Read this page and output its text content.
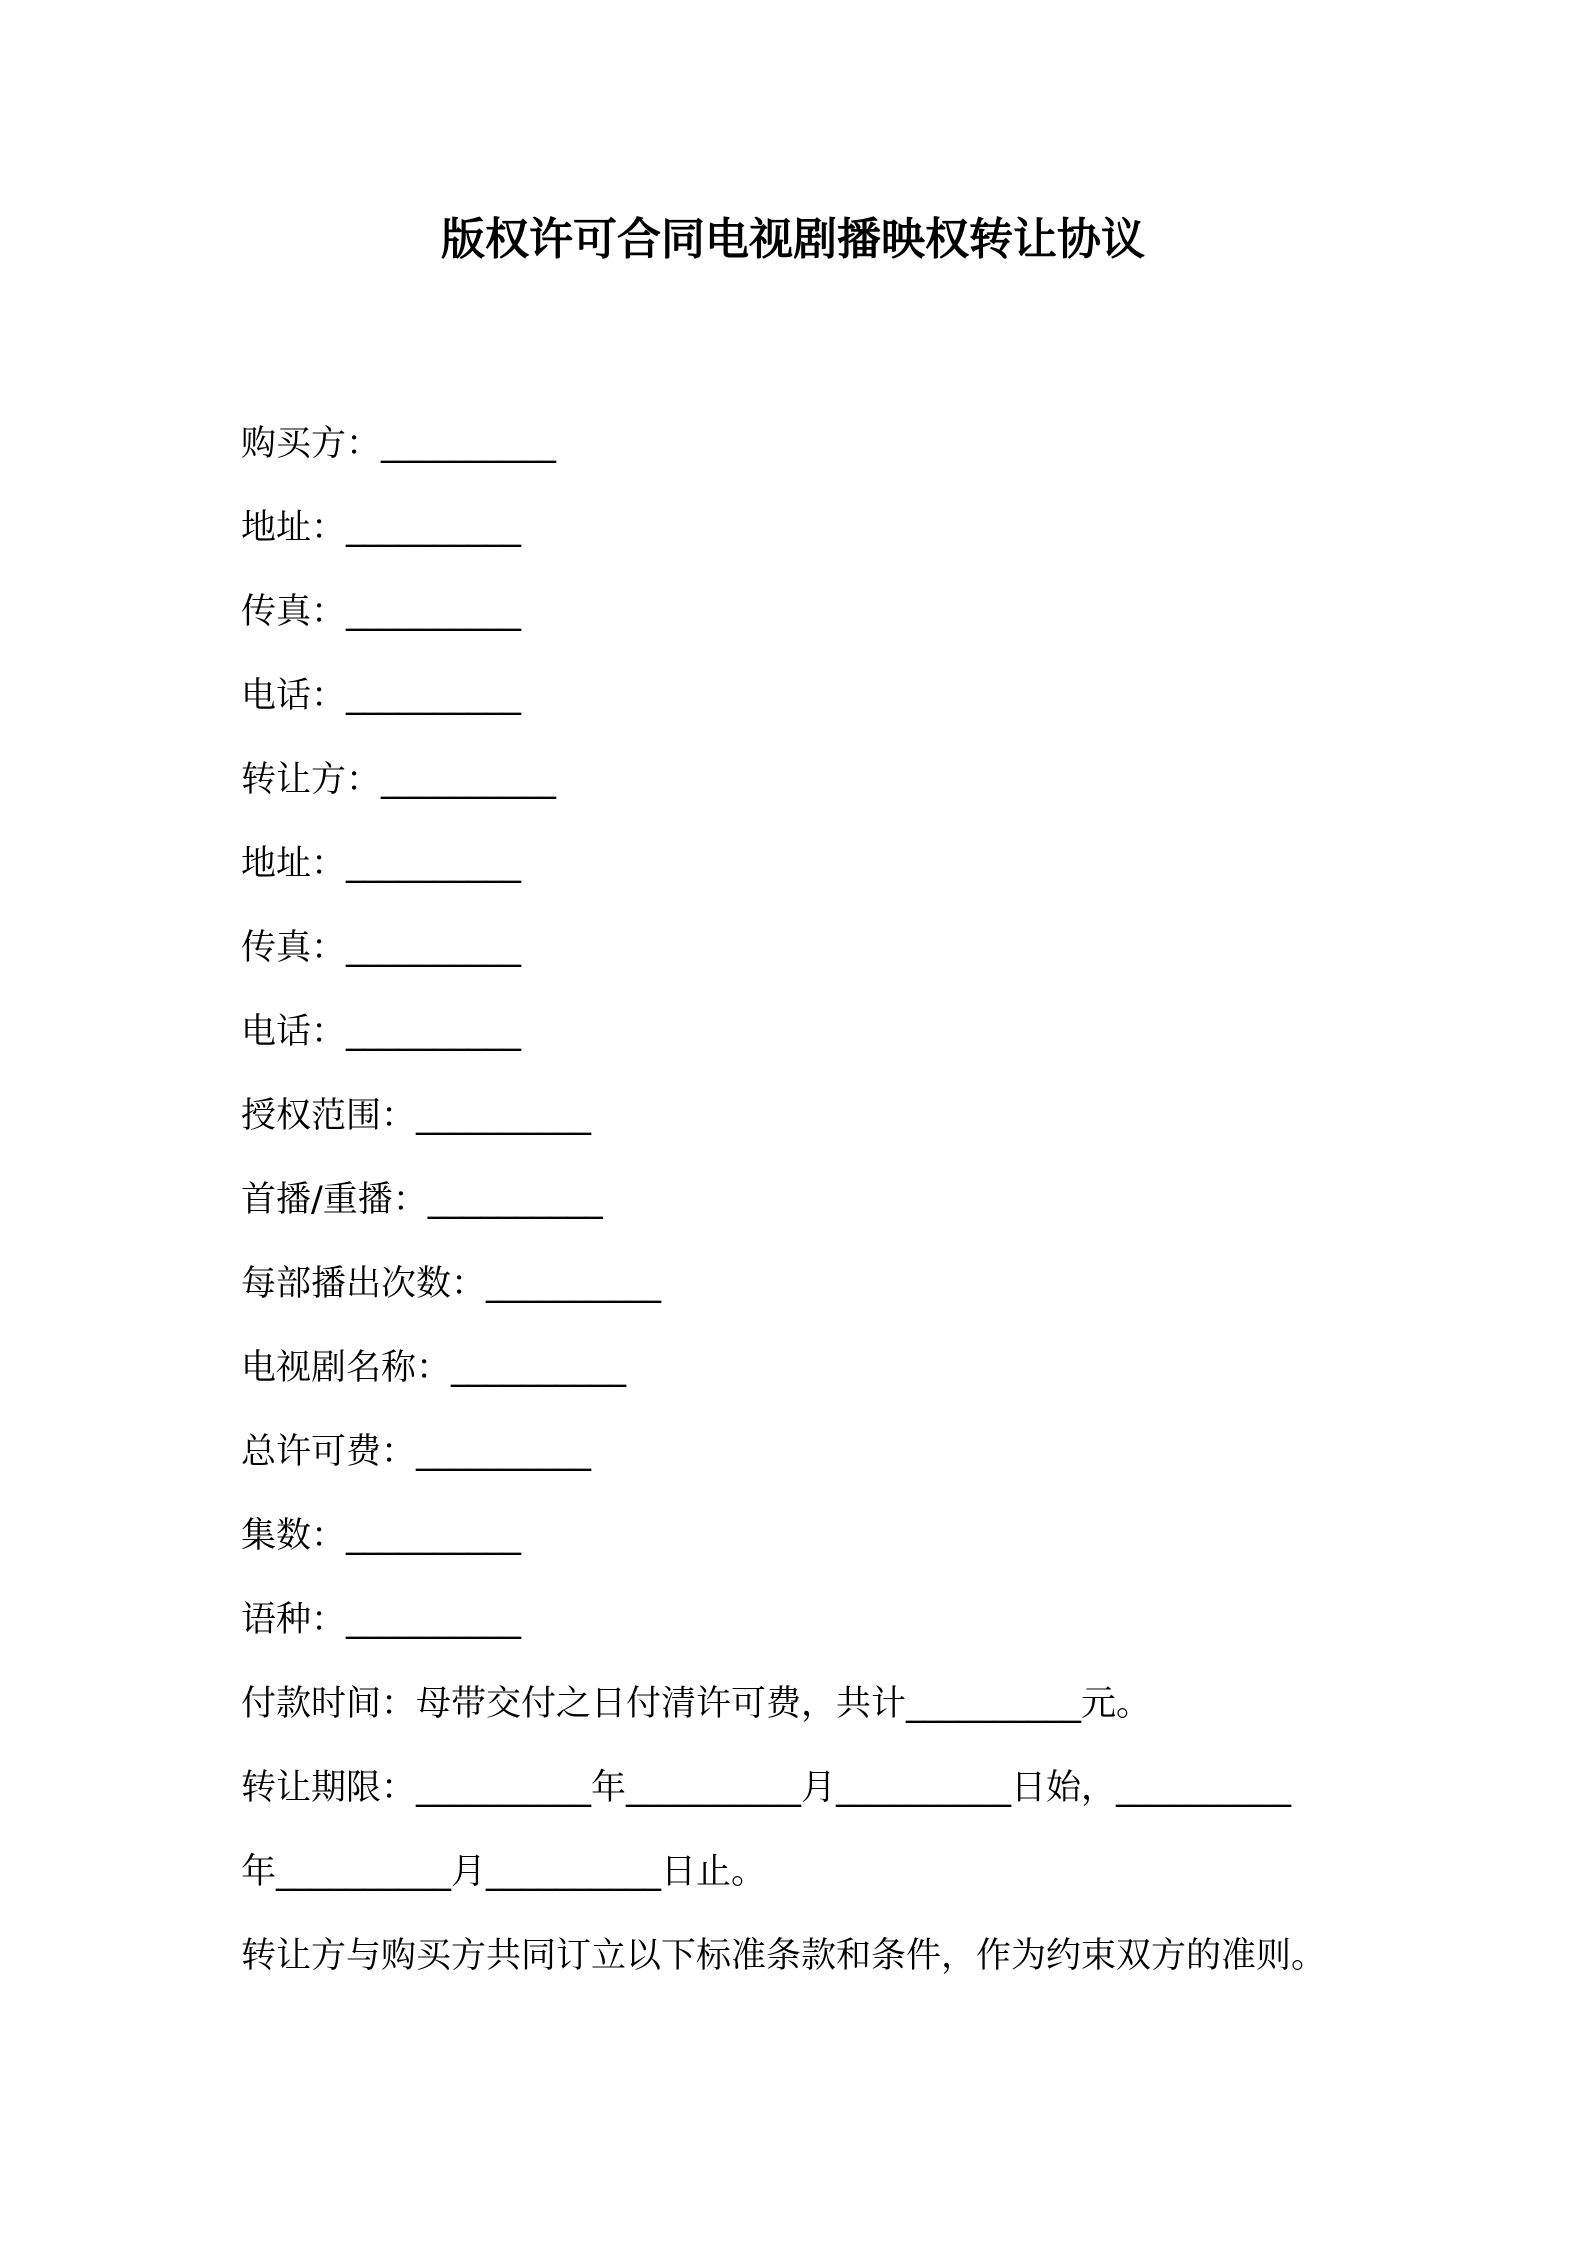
版权许可合同电视剧播映权转让协议
购买方：__________
地址：__________
传真：__________
电话：__________
转让方：__________
地址：__________
传真：__________
电话：__________
授权范围：__________
首播/重播：__________
每部播出次数：__________
电视剧名称：__________
总许可费：__________
集数：__________
语种：__________
付款时间：母带交付之日付清许可费，共计__________元。
转让期限：__________年__________月__________日始，__________
年__________月__________日止。
转让方与购买方共同订立以下标准条款和条件，作为约束双方的准则。
